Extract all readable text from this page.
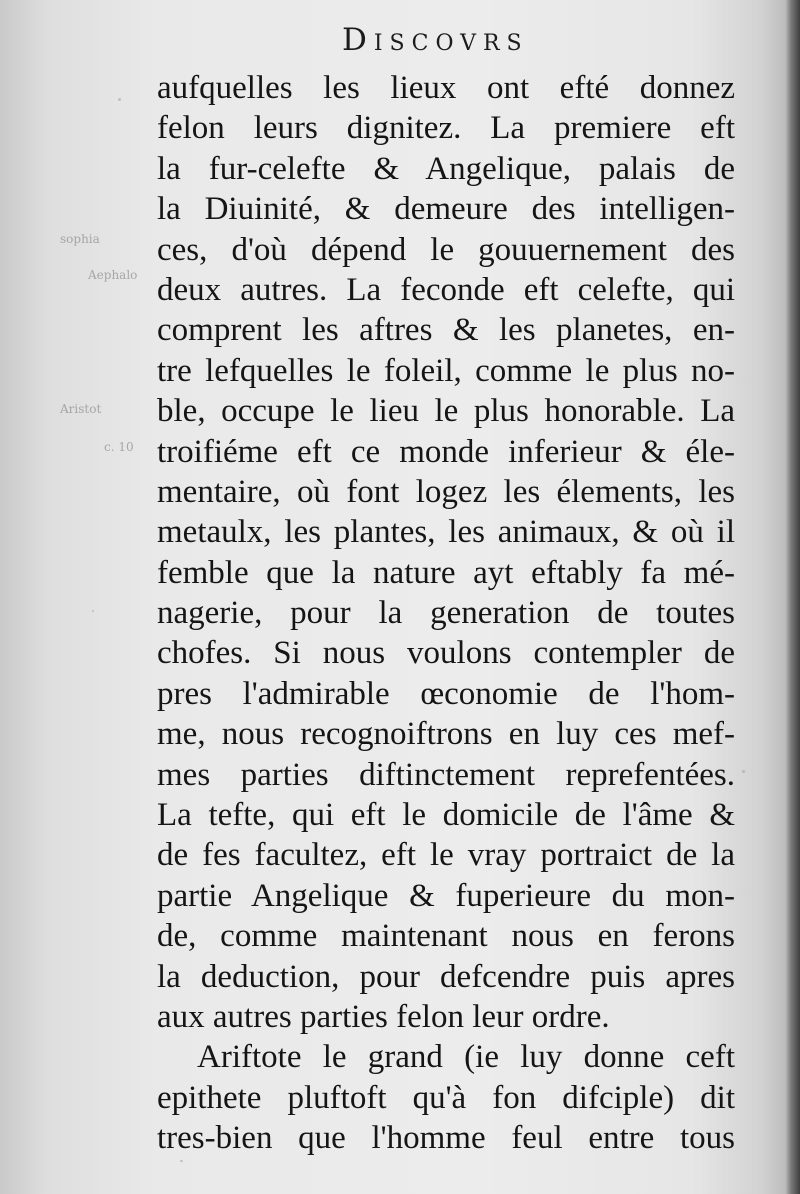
Discovrs
sophia
Aephalo
Aristot
c. 10
aufquelles les lieux ont efté donnez
felon leurs dignitez. La premiere eft
la fur-celefte & Angelique, palais de
la Diuinité, & demeure des intelligen-
ces, d'où dépend le gouuernement des
deux autres. La feconde eft celefte, qui
comprent les aftres & les planetes, en-
tre lefquelles le foleil, comme le plus no-
ble, occupe le lieu le plus honorable. La
troifiéme eft ce monde inferieur & éle-
mentaire, où font logez les élements, les
metaulx, les plantes, les animaux, & où il
femble que la nature ayt eftably fa mé-
nagerie, pour la generation de toutes
chofes. Si nous voulons contempler de
pres l'admirable œconomie de l'hom-
me, nous recognoiftrons en luy ces mef-
mes parties diftinctement reprefentées.
La tefte, qui eft le domicile de l'âme &
de fes facultez, eft le vray portraict de la
partie Angelique & fuperieure du mon-
de, comme maintenant nous en ferons
la deduction, pour defcendre puis apres
aux autres parties felon leur ordre.
Ariftote le grand (ie luy donne ceft
epithete pluftoft qu'à fon difciple) dit
tres-bien que l'homme feul entre tous
